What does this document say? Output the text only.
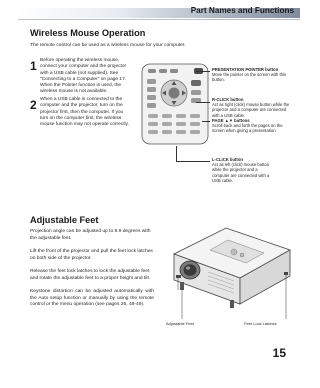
Part Names and Functions
Wireless Mouse Operation
The remote control can be used as a wireless mouse for your computer.
1 Before operating the wireless mouse, connect your computer and the projector with a USB cable (not supplied). See "Connecting to a Computer" on page 17. When the Pointer function is used, the wireless mouse is not available.
2 When a USB cable is connected to the computer and the projector, turn on the projector first, then the computer. If you turn on the computer first, the wireless mouse function may not operate correctly.
PRESENTATION POINTER button
Move the pointer on the screen with this button.
R-CLICK button
Act as right (click) mouse button while the projector and a computer are connected with a USB cable.
PAGE ▲▼ buttons
Scroll back and forth the pages on the screen when giving a presentation.
L-CLICK button
Act as left (click) mouse button while the projector and a computer are connected with a USB cable.
Adjustable Feet
Projection angle can be adjusted up to 8.9 degrees with the adjustable feet.
Lift the front of the projector and pull the feet lock latches on both side of the projector.
Release the feet lock latches to lock the adjustable feet and rotate the adjustable feet to a proper height and tilt.
Keystone distortion can be adjusted automatically with the Auto setup function or manually by using the remote control or the menu operation (see pages 26, 48-49).
Adjustable Feet	Feet Lock Latches
15
